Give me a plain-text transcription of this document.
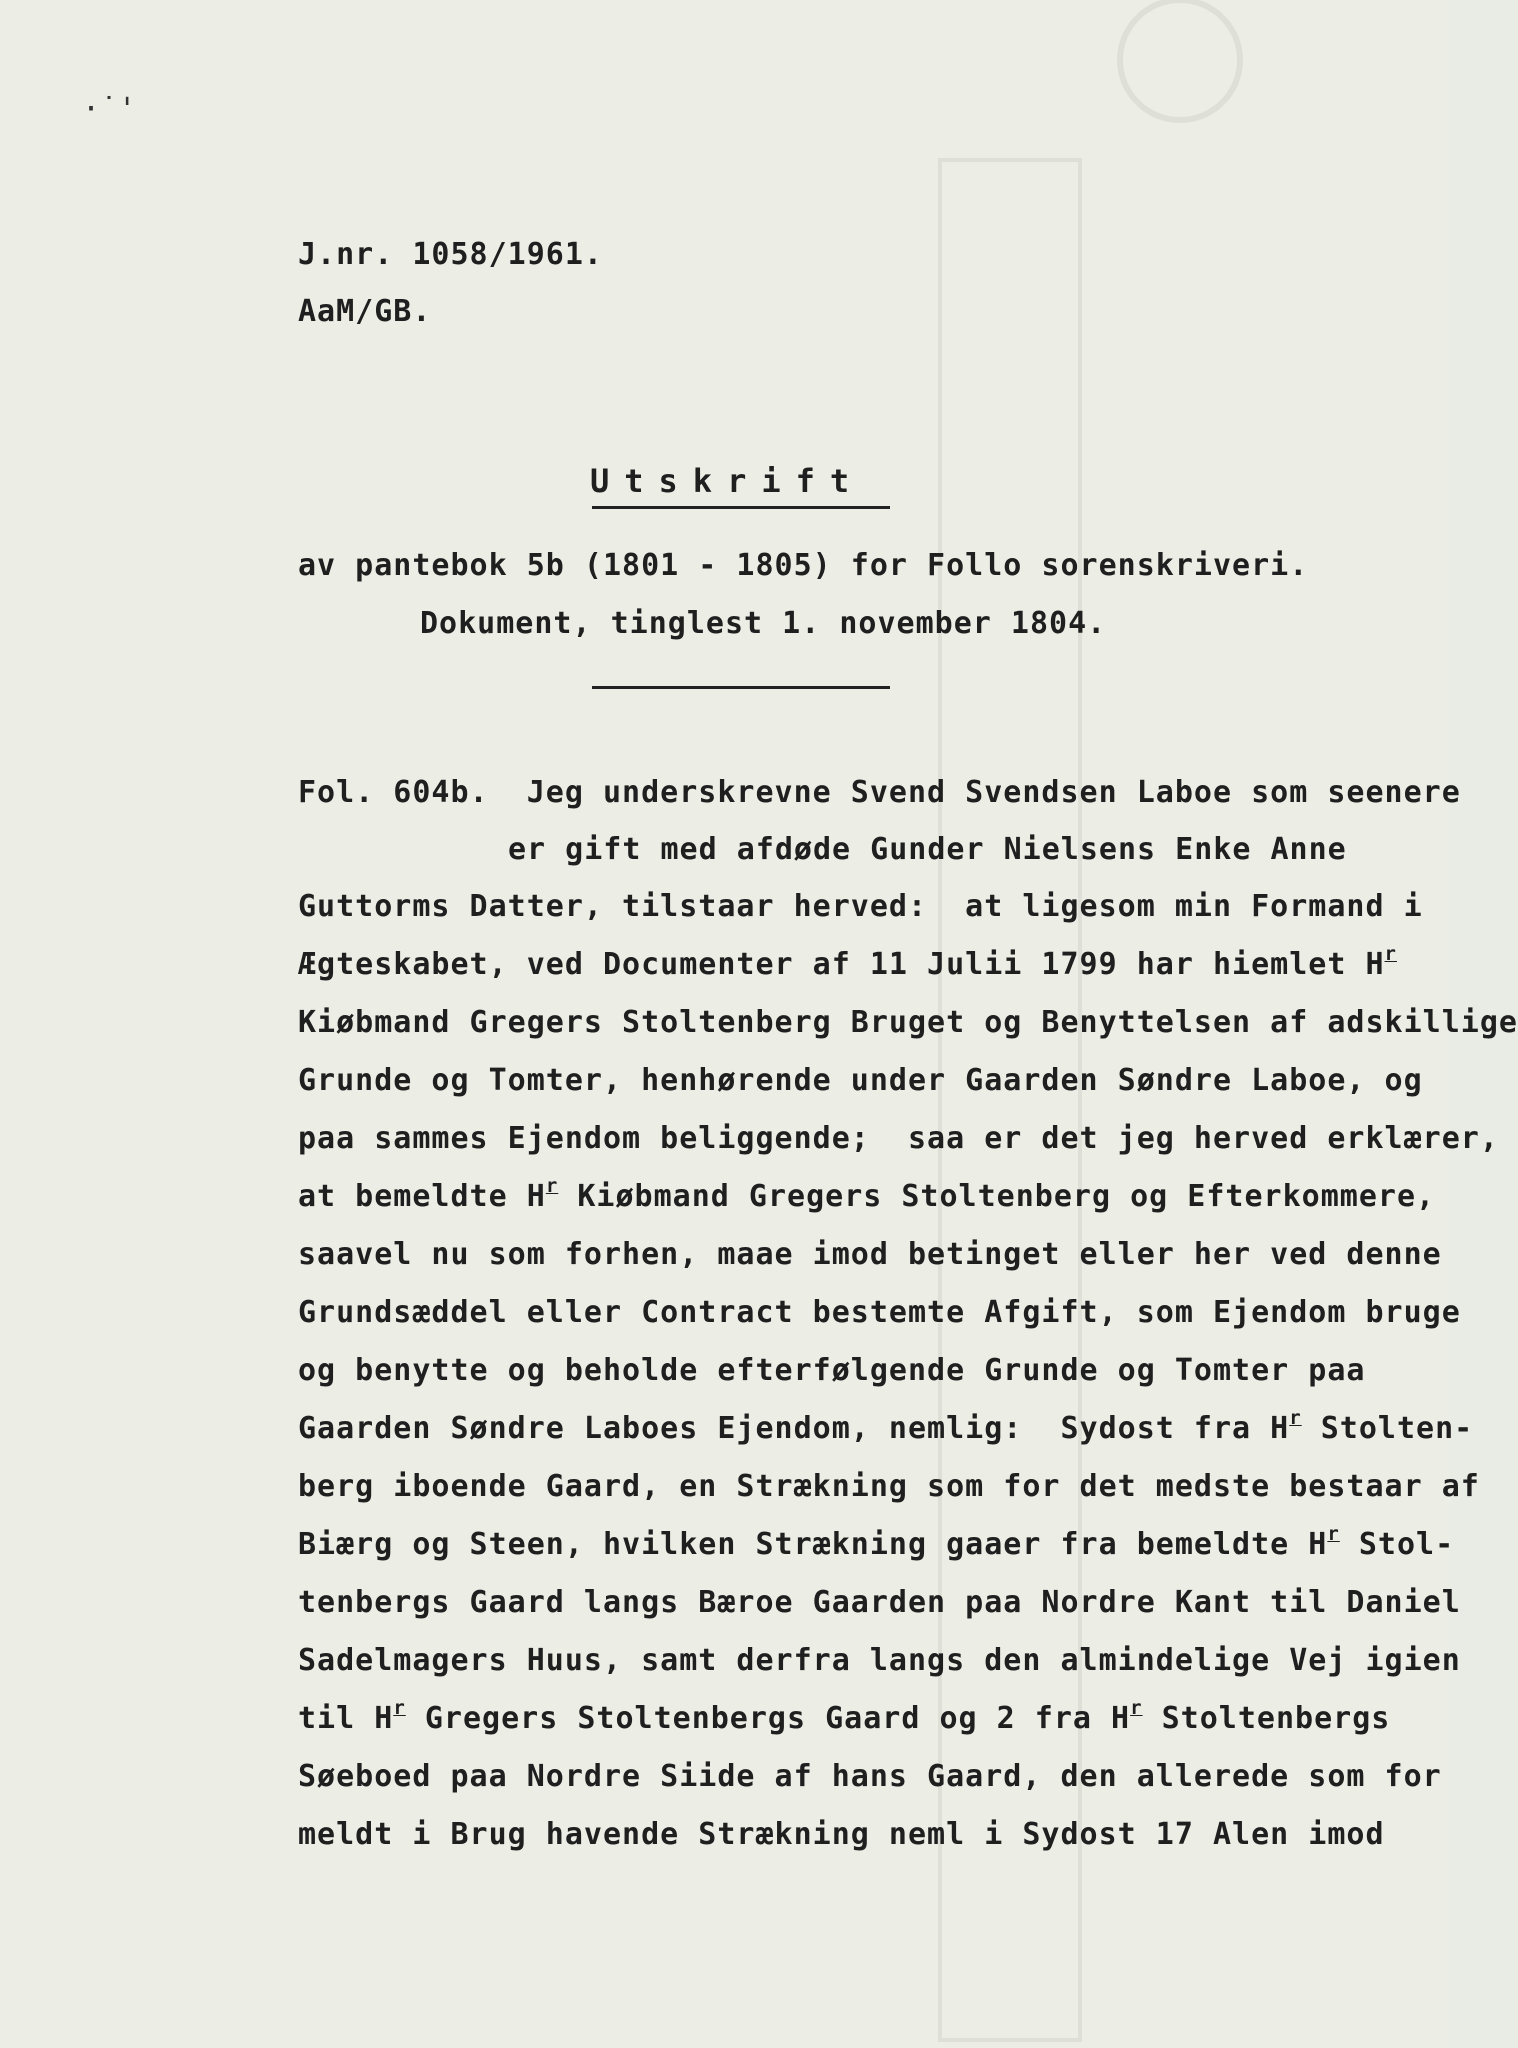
·˙'
J.nr. 1058/1961.
AaM/GB.
Utskrift
av pantebok 5b (1801 - 1805) for Follo sorenskriveri.
Dokument, tinglest 1. november 1804.
Fol. 604b.  Jeg underskrevne Svend Svendsen Laboe som seenere
er gift med afdøde Gunder Nielsens Enke Anne
Guttorms Datter, tilstaar herved:  at ligesom min Formand i
Ægteskabet, ved Documenter af 11 Julii 1799 har hiemlet $H^r$
Kiøbmand Gregers Stoltenberg Bruget og Benyttelsen af adskillige
Grunde og Tomter, henhørende under Gaarden Søndre Laboe, og
paa sammes Ejendom beliggende;  saa er det jeg herved erklærer,
at bemeldte $H^r$ Kiøbmand Gregers Stoltenberg og Efterkommere,
saavel nu som forhen, maae imod betinget eller her ved denne
Grundsæddel eller Contract bestemte Afgift, som Ejendom bruge
og benytte og beholde efterfølgende Grunde og Tomter paa
Gaarden Søndre Laboes Ejendom, nemlig:  Sydost fra $H^r$ Stolten-
berg iboende Gaard, en Strækning som for det medste bestaar af
Biærg og Steen, hvilken Strækning gaaer fra bemeldte $H^r$ Stol-
tenbergs Gaard langs Bæroe Gaarden paa Nordre Kant til Daniel
Sadelmagers Huus, samt derfra langs den almindelige Vej igien
til $H^r$ Gregers Stoltenbergs Gaard og 2 fra $H^r$ Stoltenbergs
Søeboed paa Nordre Siide af hans Gaard, den allerede som for
meldt i Brug havende Strækning neml i Sydost 17 Alen imod
